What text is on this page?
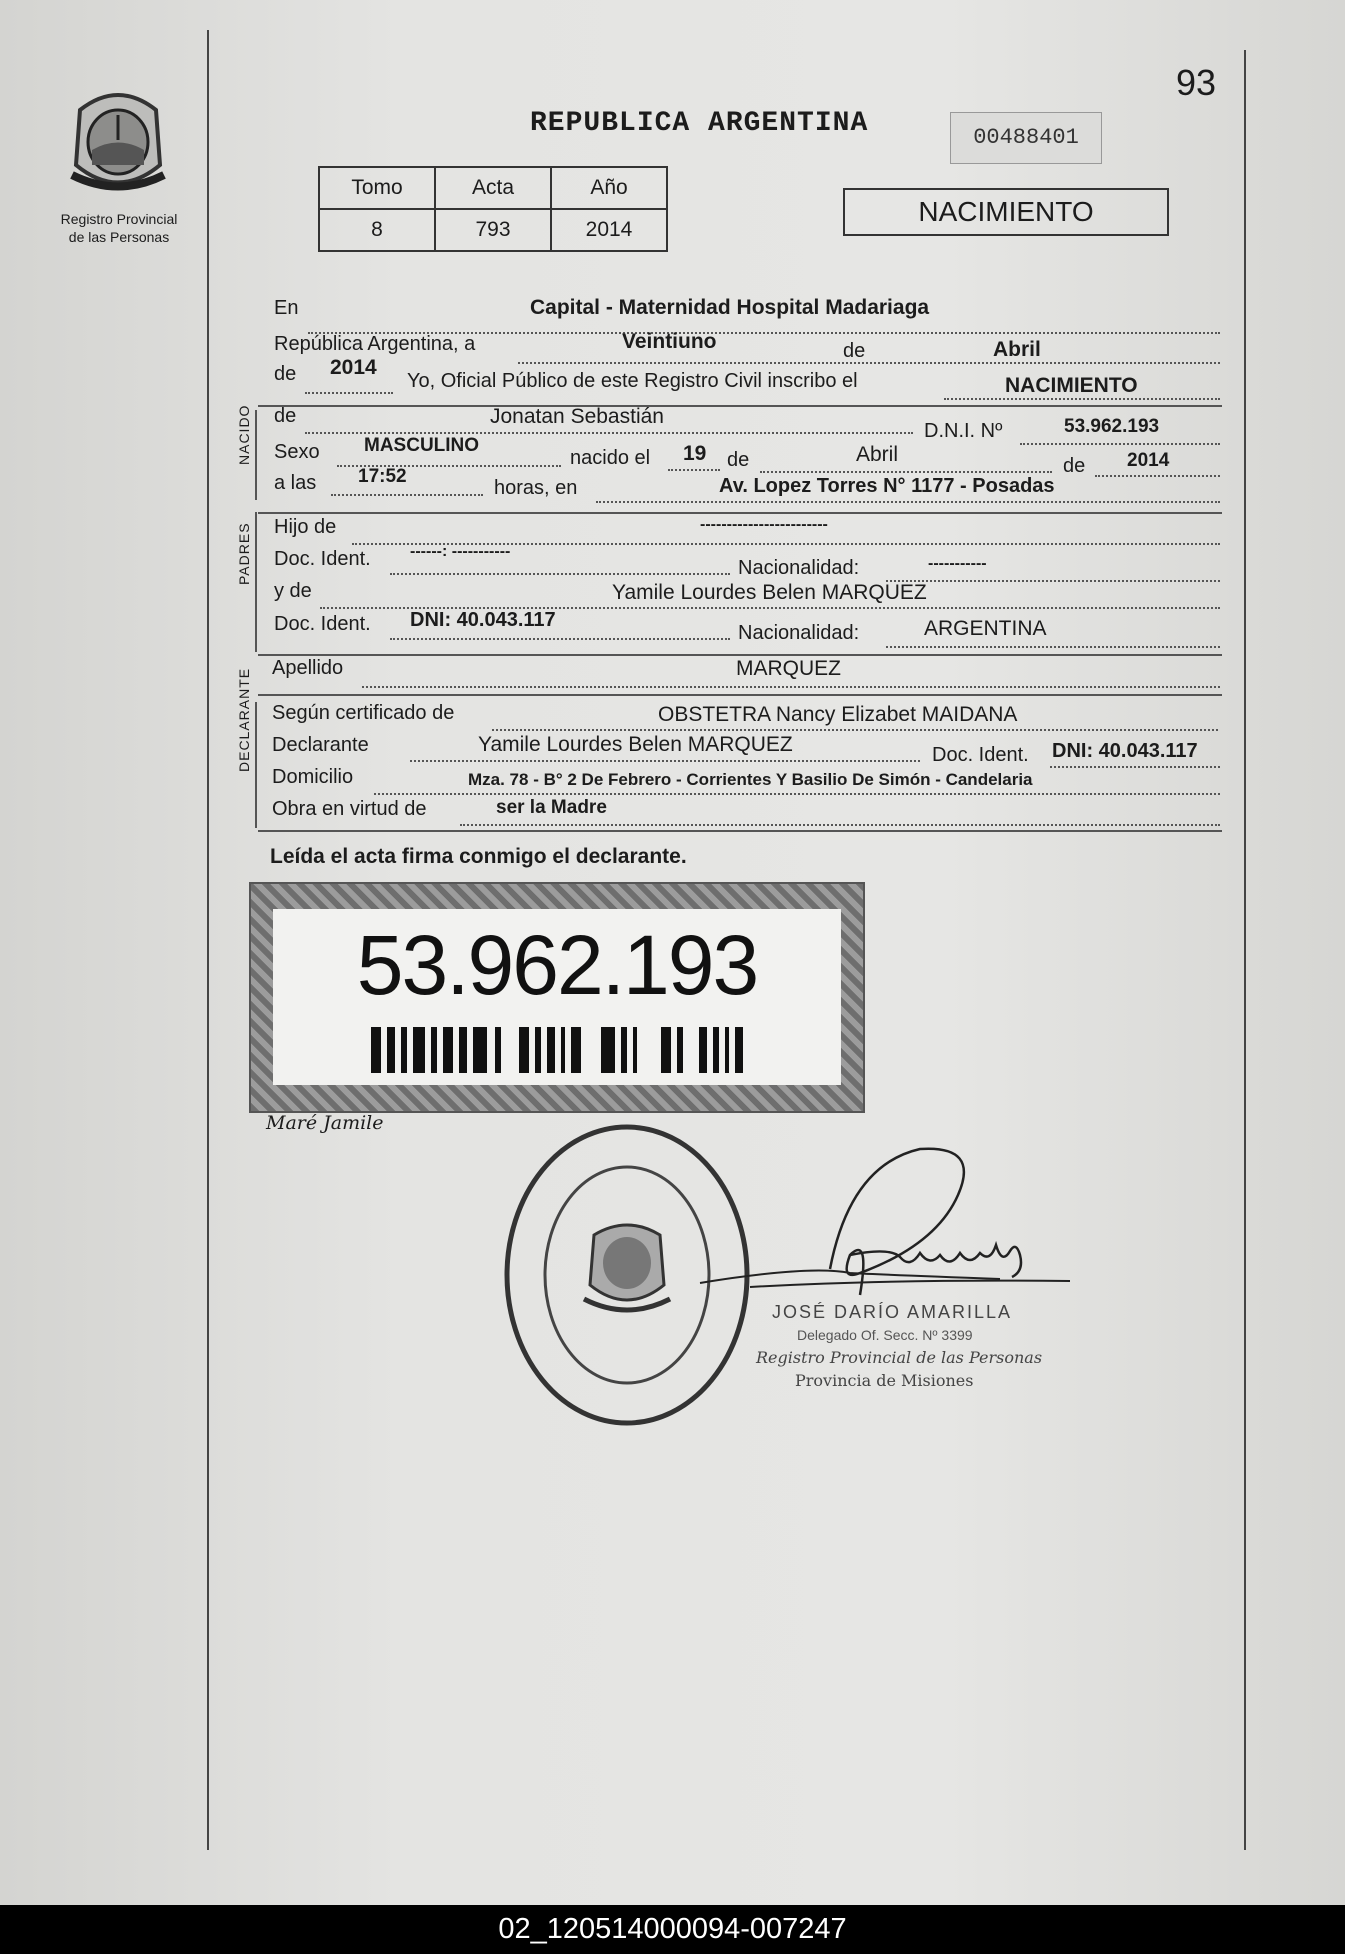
Registro Provincial
de las Personas
REPUBLICA ARGENTINA	00488401
93
Tomo	Acta	Año
8	793	2014
NACIMIENTO
En	Capital - Maternidad Hospital Madariaga
República Argentina, a	Veintiuno	de	Abril
de 2014
Yo, Oficial Público de este Registro Civil inscribo el	NACIMIENTO
NACIDO de	Jonatan Sebastián
D.N.I. Nº	53.962.193
Sexo MASCULINO
nacido el 19 de	Abril	de 2014
a las 17:52
horas, en	Av. Lopez Torres N° 1177 - Posadas
PADRES Hijo de	------------------------
Doc. Ident. ------: -----------
Nacionalidad:	-----------
y de	Yamile Lourdes Belen MARQUEZ
Doc. Ident. DNI: 40.043.117
Nacionalidad:	ARGENTINA
Apellido	MARQUEZ
DECLARANTE Según certificado de	OBSTETRA Nancy Elizabet MAIDANA
Declarante	Yamile Lourdes Belen MARQUEZ	Doc. Ident. DNI: 40.043.117
Domicilio	Mza. 78 - B° 2 De Febrero - Corrientes Y Basilio De Simón - Candelaria
Obra en virtud de	ser la Madre
Leída el acta firma conmigo el declarante.
53.962.193
Maré Jamile
JOSÉ DARÍO AMARILLA
Delegado Of. Secc. Nº 3399
Registro Provincial de las Personas
Provincia de Misiones
02_120514000094-007247
